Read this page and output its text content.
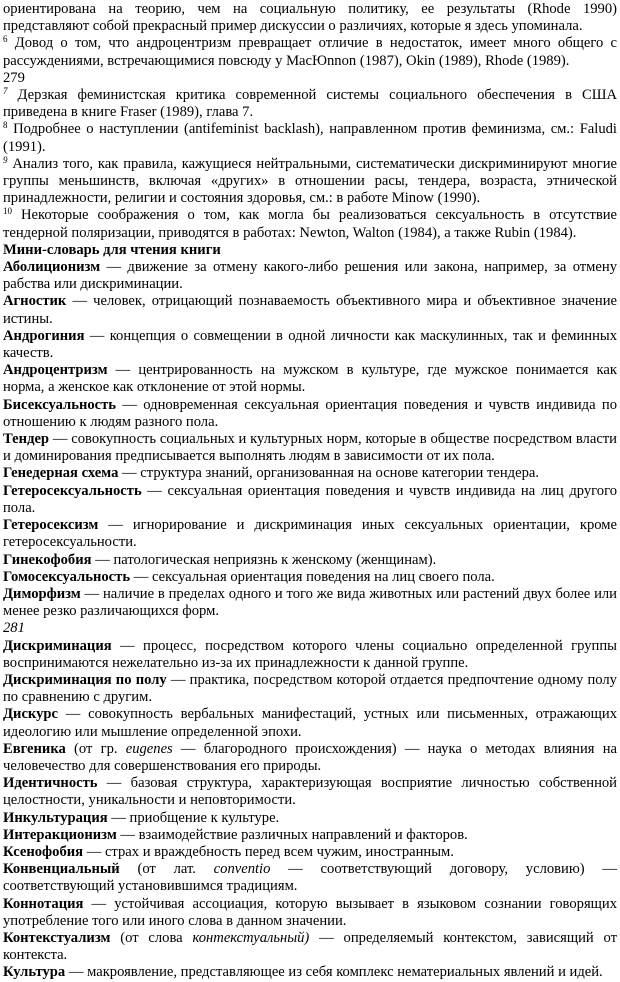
ориентирована на теорию, чем на социальную политику, ее результаты (Rhode 1990) представляют собой прекрасный пример дискуссии о различиях, которые я здесь упоминала.

$^6$ Довод о том, что андроцентризм превращает отличие в недостаток, имеет много общего с рассуждениями, встречающимися повсюду у MacЮnnon (1987), Okin (1989), Rhode (1989).

279

$^7$ Дерзкая феминистская критика современной системы социального обеспечения в США приведена в книге Fraser (1989), глава 7.

$^8$ Подробнее о наступлении (antifeminist backlash), направленном против феминизма, см.: Faludi (1991).

$^9$ Анализ того, как правила, кажущиеся нейтральными, систематически дискриминируют многие группы меньшинств, включая «других» в отношении расы, тендера, возраста, этнической принадлежности, религии и состояния здоровья, см.: в работе Minow (1990).

$^{10}$ Некоторые соображения о том, как могла бы реализоваться сексуальность в отсутствие тендерной поляризации, приводятся в работах: Newton, Walton (1984), а также Rubin (1984).

Мини-словарь для чтения книги

Аболиционизм — движение за отмену какого-либо решения или закона, например, за отмену рабства или дискриминации.

Агностик — человек, отрицающий познаваемость объективного мира и объективное значение истины.

Андрогиния — концепция о совмещении в одной личности как маскулинных, так и феминных качеств.

Андроцентризм — центрированность на мужском в культуре, где мужское понимается как норма, а женское как отклонение от этой нормы.

Бисексуальность — одновременная сексуальная ориентация поведения и чувств индивида по отношению к людям разного пола.

Тендер — совокупность социальных и культурных норм, которые в обществе посредством власти и доминирования предписывается выполнять людям в зависимости от их пола.

Генедерная схема — структура знаний, организованная на основе категории тендера.

Гетеросексуальность — сексуальная ориентация поведения и чувств индивида на лиц другого пола.

Гетеросексизм — игнорирование и дискриминация иных сексуальных ориентации, кроме гетеросексуальности.

Гинекофобия — патологическая неприязнь к женскому (женщинам).

Гомосексуальность — сексуальная ориентация поведения на лиц своего пола.

Диморфизм — наличие в пределах одного и того же вида животных или растений двух более или менее резко различающихся форм.

281

Дискриминация — процесс, посредством которого члены социально определенной группы воспринимаются нежелательно из-за их принадлежности к данной группе.

Дискриминация по полу — практика, посредством которой отдается предпочтение одному полу по сравнению с другим.

Дискурс — совокупность вербальных манифестаций, устных или письменных, отражающих идеологию или мышление определенной эпохи.

Евгеника (от гр. eugenes — благородного происхождения) — наука о методах влияния на человечество для совершенствования его природы.

Идентичность — базовая структура, характеризующая восприятие личностью собственной целостности, уникальности и неповторимости.

Инкультурация — приобщение к культуре.

Интеракционизм — взаимодействие различных направлений и факторов.

Ксенофобия — страх и враждебность перед всем чужим, иностранным.

Конвенциальный (от лат. conventio — соответствующий договору, условию) — соответствующий установившимся традициям.

Коннотация — устойчивая ассоциация, которую вызывает в языковом сознании говорящих употребление того или иного слова в данном значении.

Контекстуализм (от слова контекстуальный) — определяемый контекстом, зависящий от контекста.

Культура — макроявление, представляющее из себя комплекс нематериальных явлений и идей.
